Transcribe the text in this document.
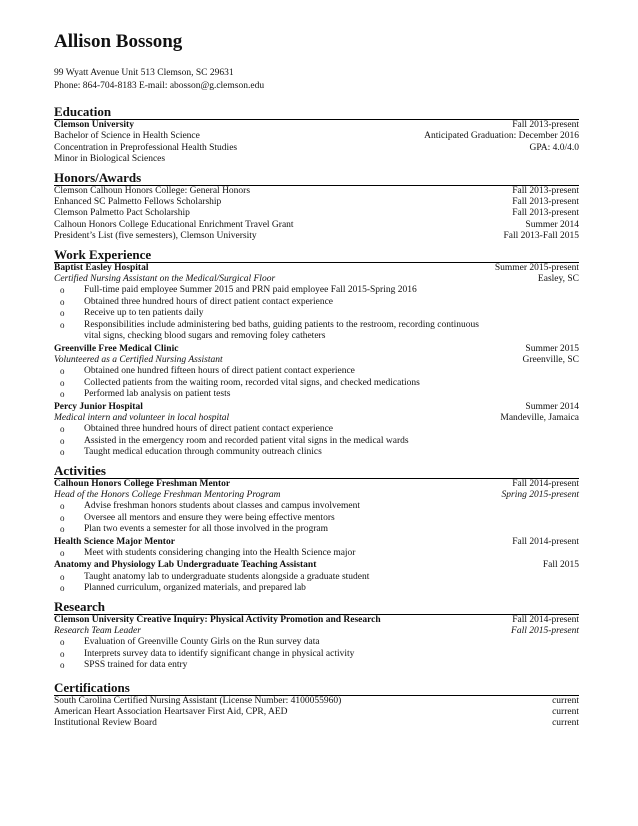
Allison Bossong
99 Wyatt Avenue Unit 513 Clemson, SC 29631
Phone: 864-704-8183 E-mail: abosson@g.clemson.edu
Education
Clemson University	Fall 2013-present
Bachelor of Science in Health Science	Anticipated Graduation: December 2016
Concentration in Preprofessional Health Studies	GPA: 4.0/4.0
Minor in Biological Sciences
Honors/Awards
Clemson Calhoun Honors College: General Honors	Fall 2013-present
Enhanced SC Palmetto Fellows Scholarship	Fall 2013-present
Clemson Palmetto Pact Scholarship	Fall 2013-present
Calhoun Honors College Educational Enrichment Travel Grant	Summer 2014
President’s List (five semesters), Clemson University	Fall 2013-Fall 2015
Work Experience
Baptist Easley Hospital	Summer 2015-present
Certified Nursing Assistant on the Medical/Surgical Floor	Easley, SC
o Full-time paid employee Summer 2015 and PRN paid employee Fall 2015-Spring 2016
o Obtained three hundred hours of direct patient contact experience
o Receive up to ten patients daily
o Responsibilities include administering bed baths, guiding patients to the restroom, recording continuous vital signs, checking blood sugars and removing foley catheters
Greenville Free Medical Clinic	Summer 2015
Volunteered as a Certified Nursing Assistant	Greenville, SC
o Obtained one hundred fifteen hours of direct patient contact experience
o Collected patients from the waiting room, recorded vital signs, and checked medications
o Performed lab analysis on patient tests
Percy Junior Hospital	Summer 2014
Medical intern and volunteer in local hospital	Mandeville, Jamaica
o Obtained three hundred hours of direct patient contact experience
o Assisted in the emergency room and recorded patient vital signs in the medical wards
o Taught medical education through community outreach clinics
Activities
Calhoun Honors College Freshman Mentor	Fall 2014-present
Head of the Honors College Freshman Mentoring Program	Spring 2015-present
o Advise freshman honors students about classes and campus involvement
o Oversee all mentors and ensure they were being effective mentors
o Plan two events a semester for all those involved in the program
Health Science Major Mentor	Fall 2014-present
o Meet with students considering changing into the Health Science major
Anatomy and Physiology Lab Undergraduate Teaching Assistant	Fall 2015
o Taught anatomy lab to undergraduate students alongside a graduate student
o Planned curriculum, organized materials, and prepared lab
Research
Clemson University Creative Inquiry: Physical Activity Promotion and Research	Fall 2014-present
Research Team Leader	Fall 2015-present
o Evaluation of Greenville County Girls on the Run survey data
o Interprets survey data to identify significant change in physical activity
o SPSS trained for data entry
Certifications
South Carolina Certified Nursing Assistant (License Number: 4100055960)	current
American Heart Association Heartsaver First Aid, CPR, AED	current
Institutional Review Board	current
